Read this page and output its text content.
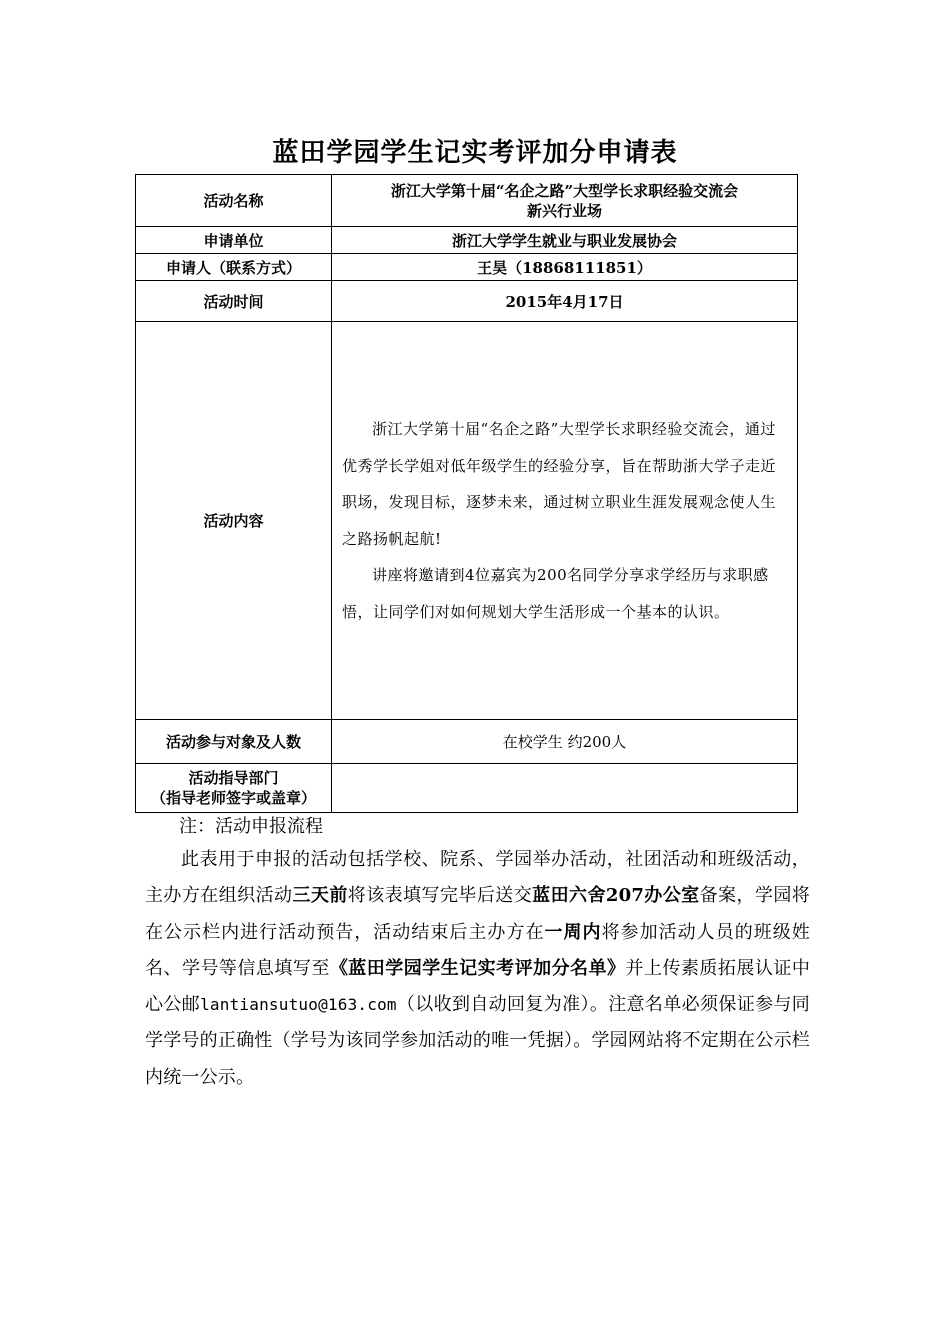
蓝田学园学生记实考评加分申请表
活动名称	浙江大学第十届“名企之路”大型学长求职经验交流会
新兴行业场

申请单位	浙江大学学生就业与职业发展协会
申请人（联系方式）	王昊（18868111851）
活动时间	2015年4月17日
活动内容	浙江大学第十届“名企之路”大型学长求职经验交流会，通过优秀学长学姐对低年级学生的经验分享，旨在帮助浙大学子走近职场，发现目标，逐梦未来，通过树立职业生涯发展观念使人生之路扬帆起航!

讲座将邀请到4位嘉宾为200名同学分享求学经历与求职感悟，让同学们对如何规划大学生活形成一个基本的认识。

活动参与对象及人数	在校学生 约200人

活动指导部门
（指导老师签字或盖章）	

注：活动申报流程

此表用于申报的活动包括学校、院系、学园举办活动，社团活动和班级活动，主办方在组织活动三天前将该表填写完毕后送交蓝田六舍207办公室备案，学园将在公示栏内进行活动预告，活动结束后主办方在一周内将参加活动人员的班级姓名、学号等信息填写至《蓝田学园学生记实考评加分名单》并上传素质拓展认证中心公邮lantiansutuo@163.com（以收到自动回复为准）。注意名单必须保证参与同学学号的正确性（学号为该同学参加活动的唯一凭据）。学园网站将不定期在公示栏内统一公示。
